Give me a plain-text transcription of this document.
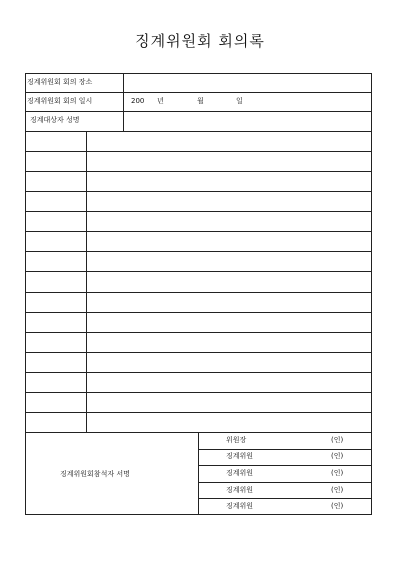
징계위원회 회의록
징계위원회 회의 장소
징계위원회 회의 일시	200 년	월	일
징계대상자 성명
징계위원회참석자 서명
위원장	(인)
징계위원	(인)
징계위원	(인)
징계위원	(인)
징계위원	(인)
